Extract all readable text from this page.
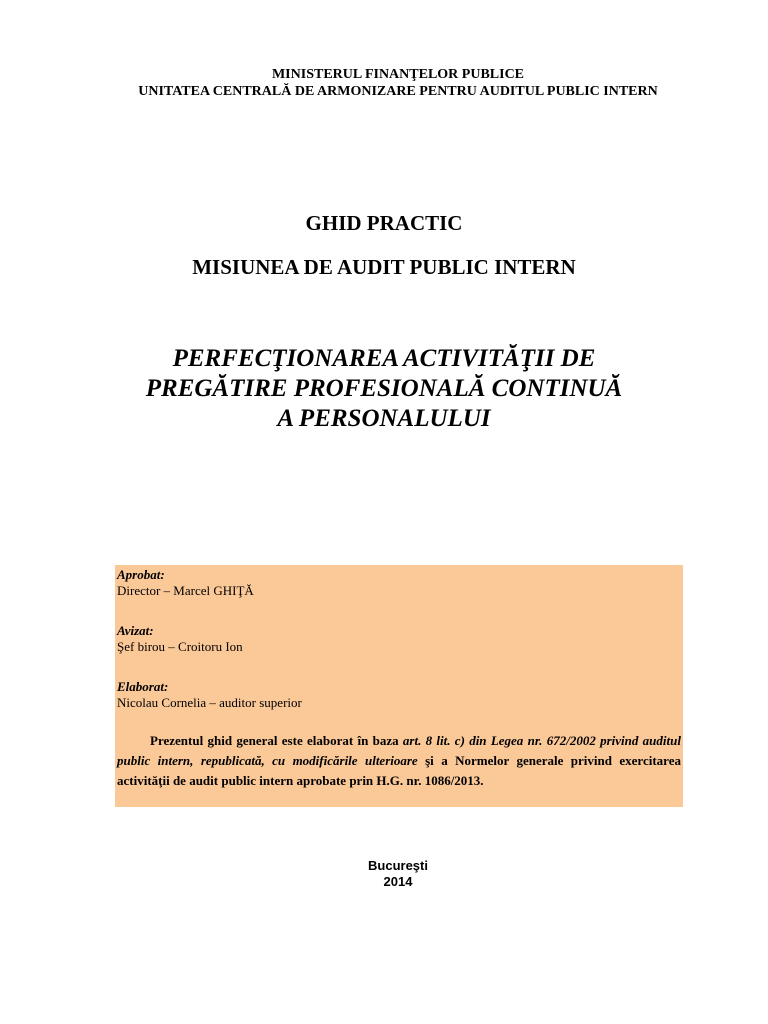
MINISTERUL FINANŢELOR PUBLICE
UNITATEA CENTRALĂ DE ARMONIZARE PENTRU AUDITUL PUBLIC INTERN
GHID PRACTIC
MISIUNEA DE AUDIT PUBLIC INTERN
PERFECŢIONAREA ACTIVITĂŢII DE
PREGĂTIRE PROFESIONALĂ CONTINUĂ
A PERSONALULUI
Aprobat:
Director – Marcel GHIŢĂ
Avizat:
Şef birou – Croitoru Ion
Elaborat:
Nicolau Cornelia – auditor superior
Prezentul ghid general este elaborat în baza art. 8 lit. c) din Legea nr. 672/2002 privind auditul public intern, republicată, cu modificările ulterioare şi a Normelor generale privind exercitarea activităţii de audit public intern aprobate prin H.G. nr. 1086/2013.
Bucureşti
2014
